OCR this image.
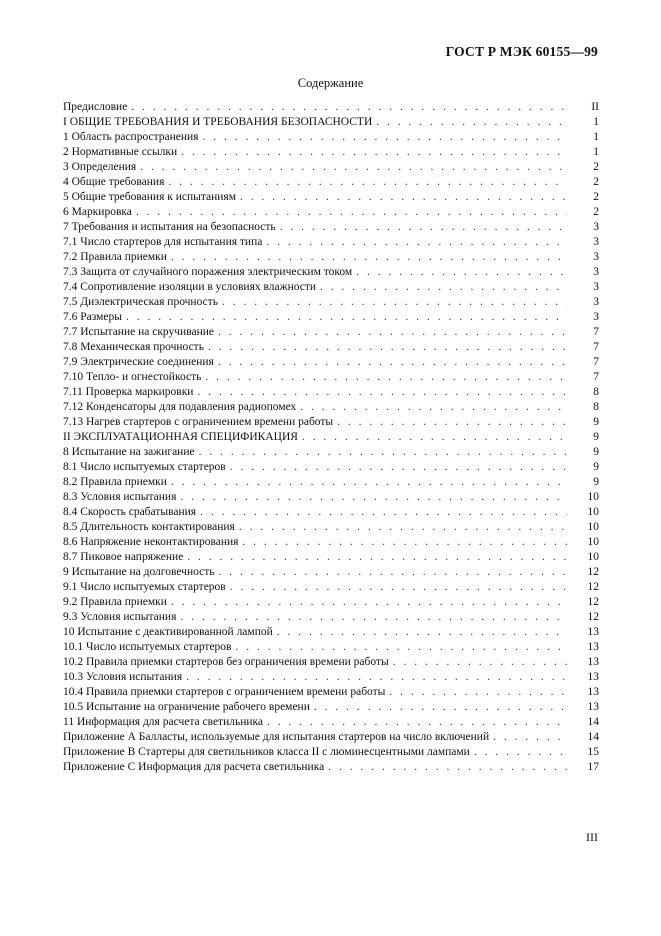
ГОСТ Р МЭК 60155—99
Содержание
Предисловие . . .	II
I ОБЩИЕ ТРЕБОВАНИЯ И ТРЕБОВАНИЯ БЕЗОПАСНОСТИ . . .	1
1 Область распространения . . .	1
2 Нормативные ссылки . . .	1
3 Определения . . .	2
4 Общие требования . . .	2
5 Общие требования к испытаниям . . .	2
6 Маркировка . . .	2
7 Требования и испытания на безопасность . . .	3
7.1 Число стартеров для испытания типа . . .	3
7.2 Правила приемки . . .	3
7.3 Защита от случайного поражения электрическим током . . .	3
7.4 Сопротивление изоляции в условиях влажности . . .	3
7.5 Диэлектрическая прочность . . .	3
7.6 Размеры . . .	3
7.7 Испытание на скручивание . . .	7
7.8 Механическая прочность . . .	7
7.9 Электрические соединения . . .	7
7.10 Тепло- и огнестойкость . . .	7
7.11 Проверка маркировки . . .	8
7.12 Конденсаторы для подавления радиопомех . . .	8
7.13 Нагрев стартеров с ограничением времени работы . . .	9
II ЭКСПЛУАТАЦИОННАЯ СПЕЦИФИКАЦИЯ . . .	9
8 Испытание на зажигание . . .	9
8.1 Число испытуемых стартеров . . .	9
8.2 Правила приемки . . .	9
8.3 Условия испытания . . .	10
8.4 Скорость срабатывания . . .	10
8.5 Длительность контактирования . . .	10
8.6 Напряжение неконтактирования . . .	10
8.7 Пиковое напряжение . . .	10
9 Испытание на долговечность . . .	12
9.1 Число испытуемых стартеров . . .	12
9.2 Правила приемки . . .	12
9.3 Условия испытания . . .	12
10 Испытание с деактивированной лампой . . .	13
10.1 Число испытуемых стартеров . . .	13
10.2 Правила приемки стартеров без ограничения времени работы . . .	13
10.3 Условия испытания . . .	13
10.4 Правила приемки стартеров с ограничением времени работы . . .	13
10.5 Испытание на ограничение рабочего времени . . .	13
11 Информация для расчета светильника . . .	14
Приложение А Балласты, используемые для испытания стартеров на число включений . . .	14
Приложение В Стартеры для светильников класса II с люминесцентными лампами . . .	15
Приложение С Информация для расчета светильника . . .	17
III
